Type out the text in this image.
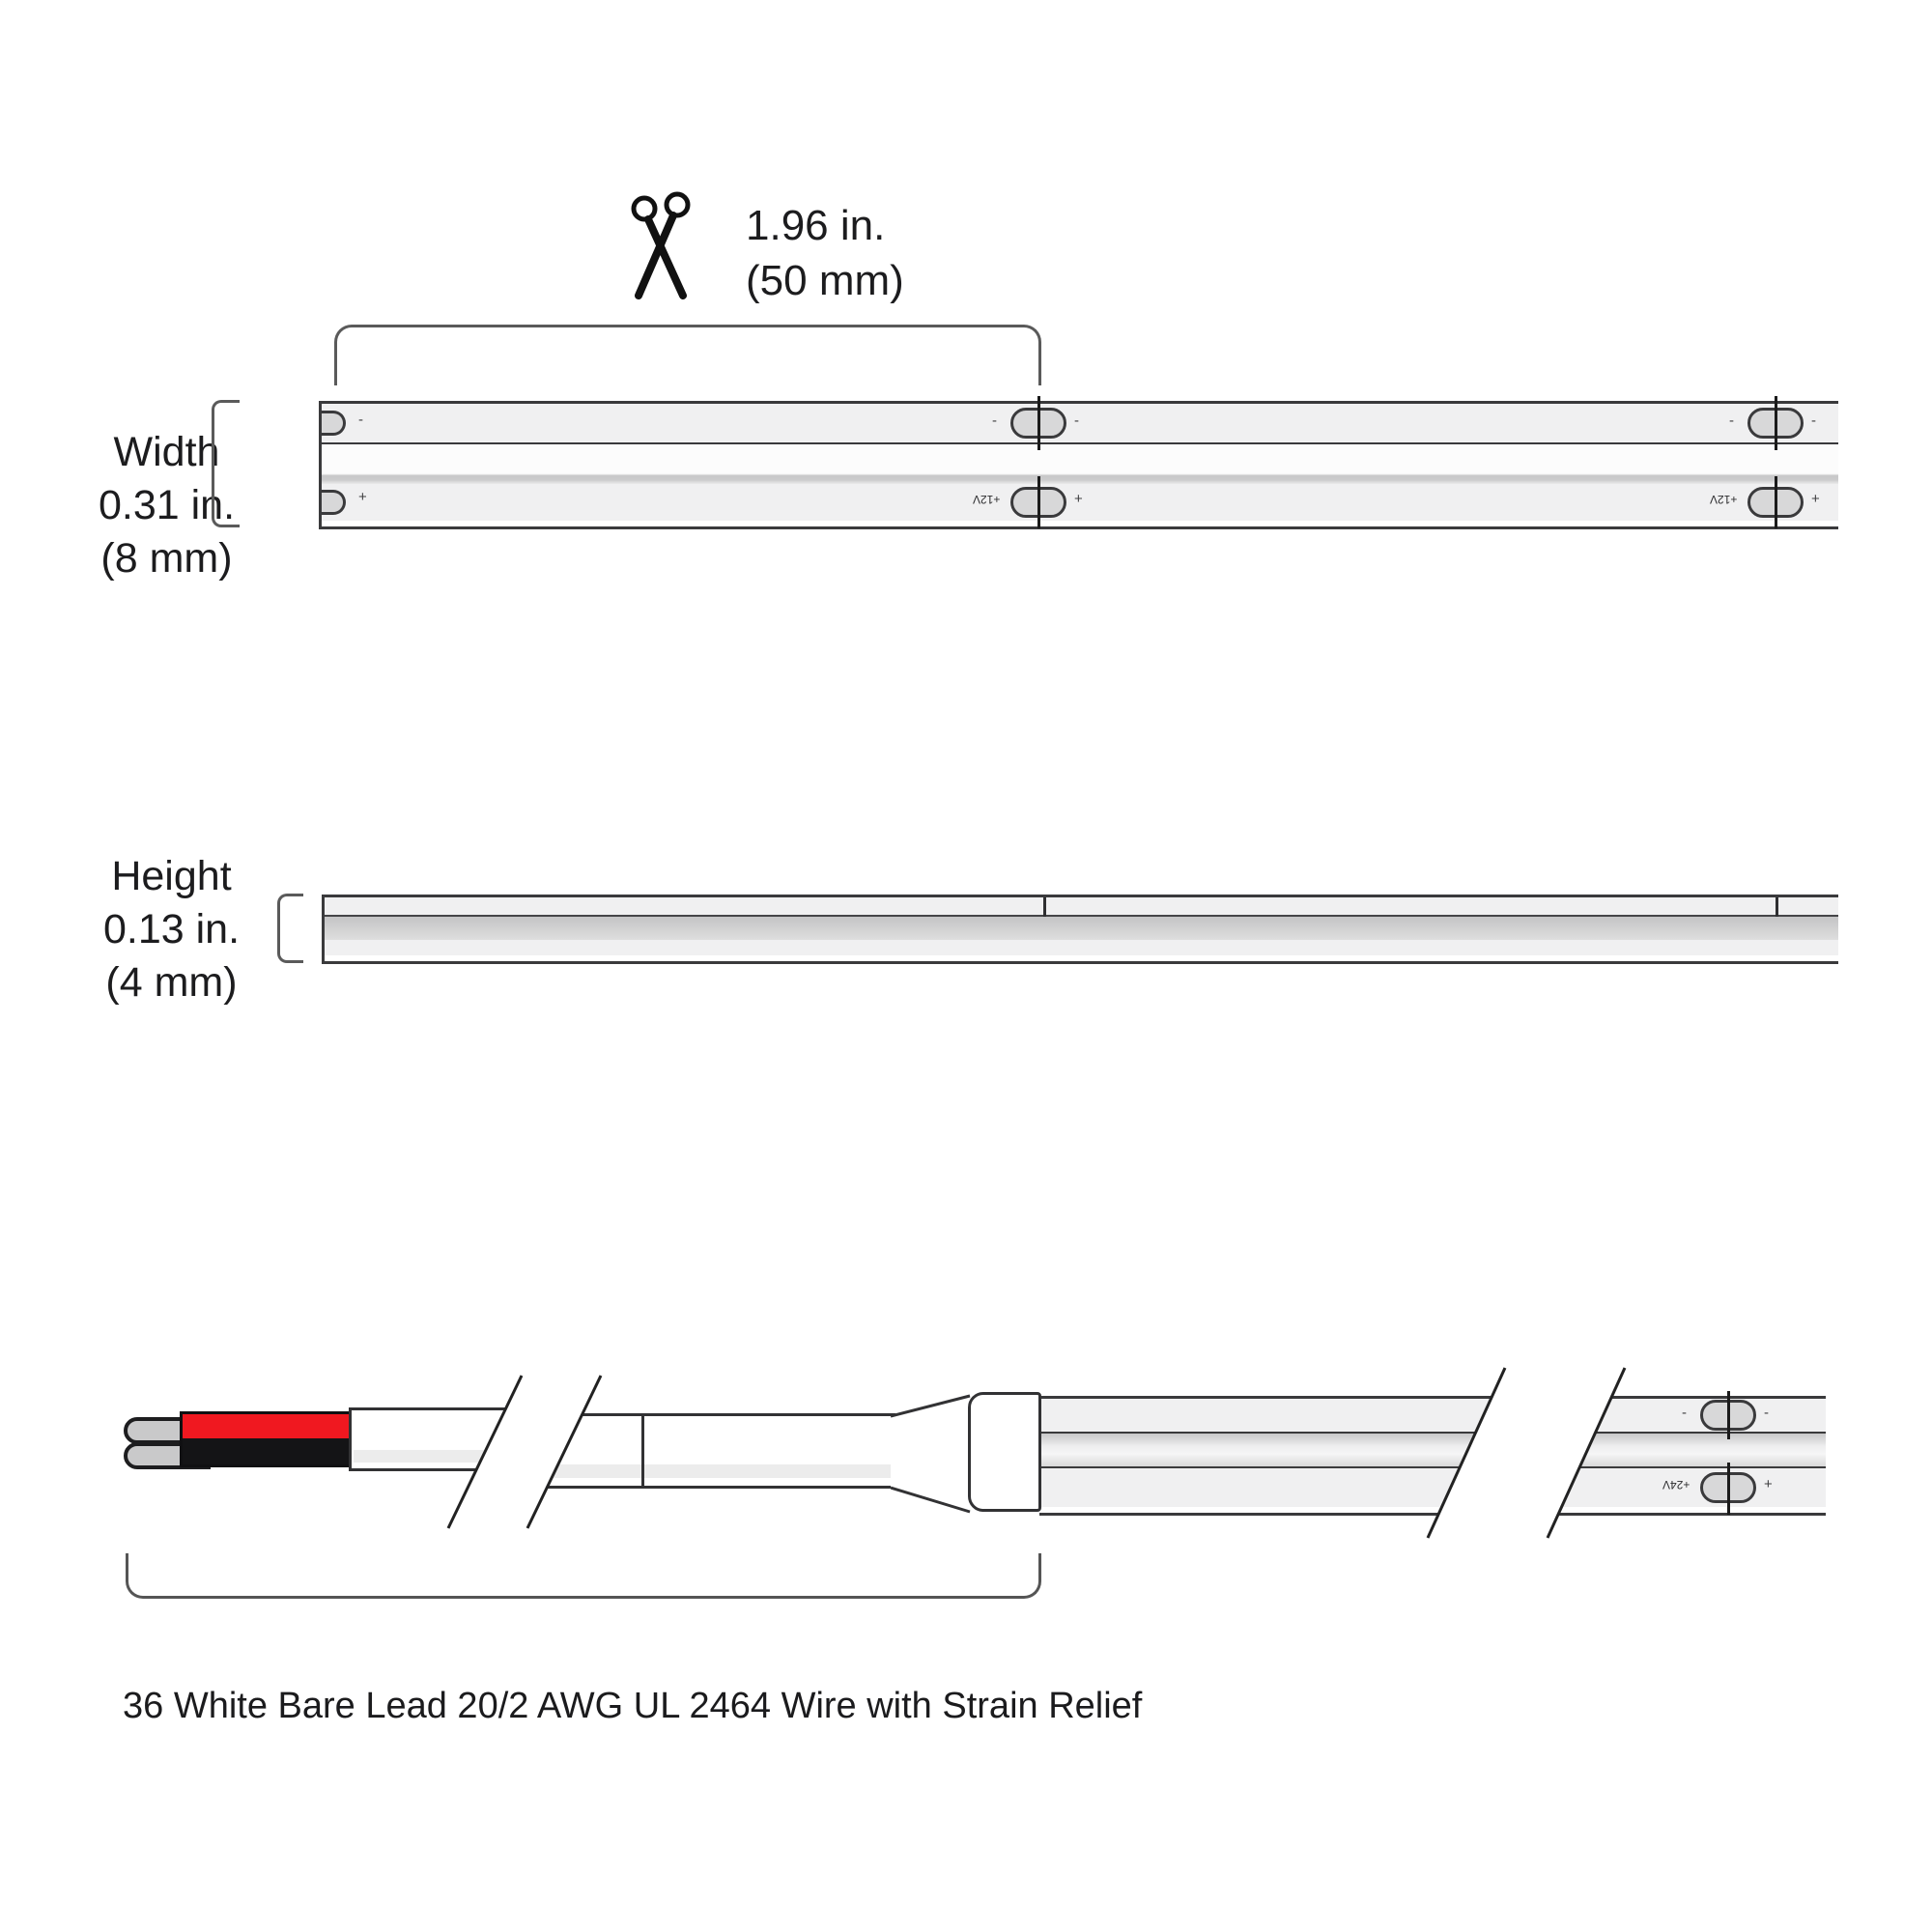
1.96 in.
(50 mm)
Width
0.31 in.
(8 mm)
-	-	-	-	-
+	+12V	+	+12V	+
Height
0.13 in.
(4 mm)
-	-
+24V	+
36 White Bare Lead 20/2 AWG UL 2464 Wire with Strain Relief
